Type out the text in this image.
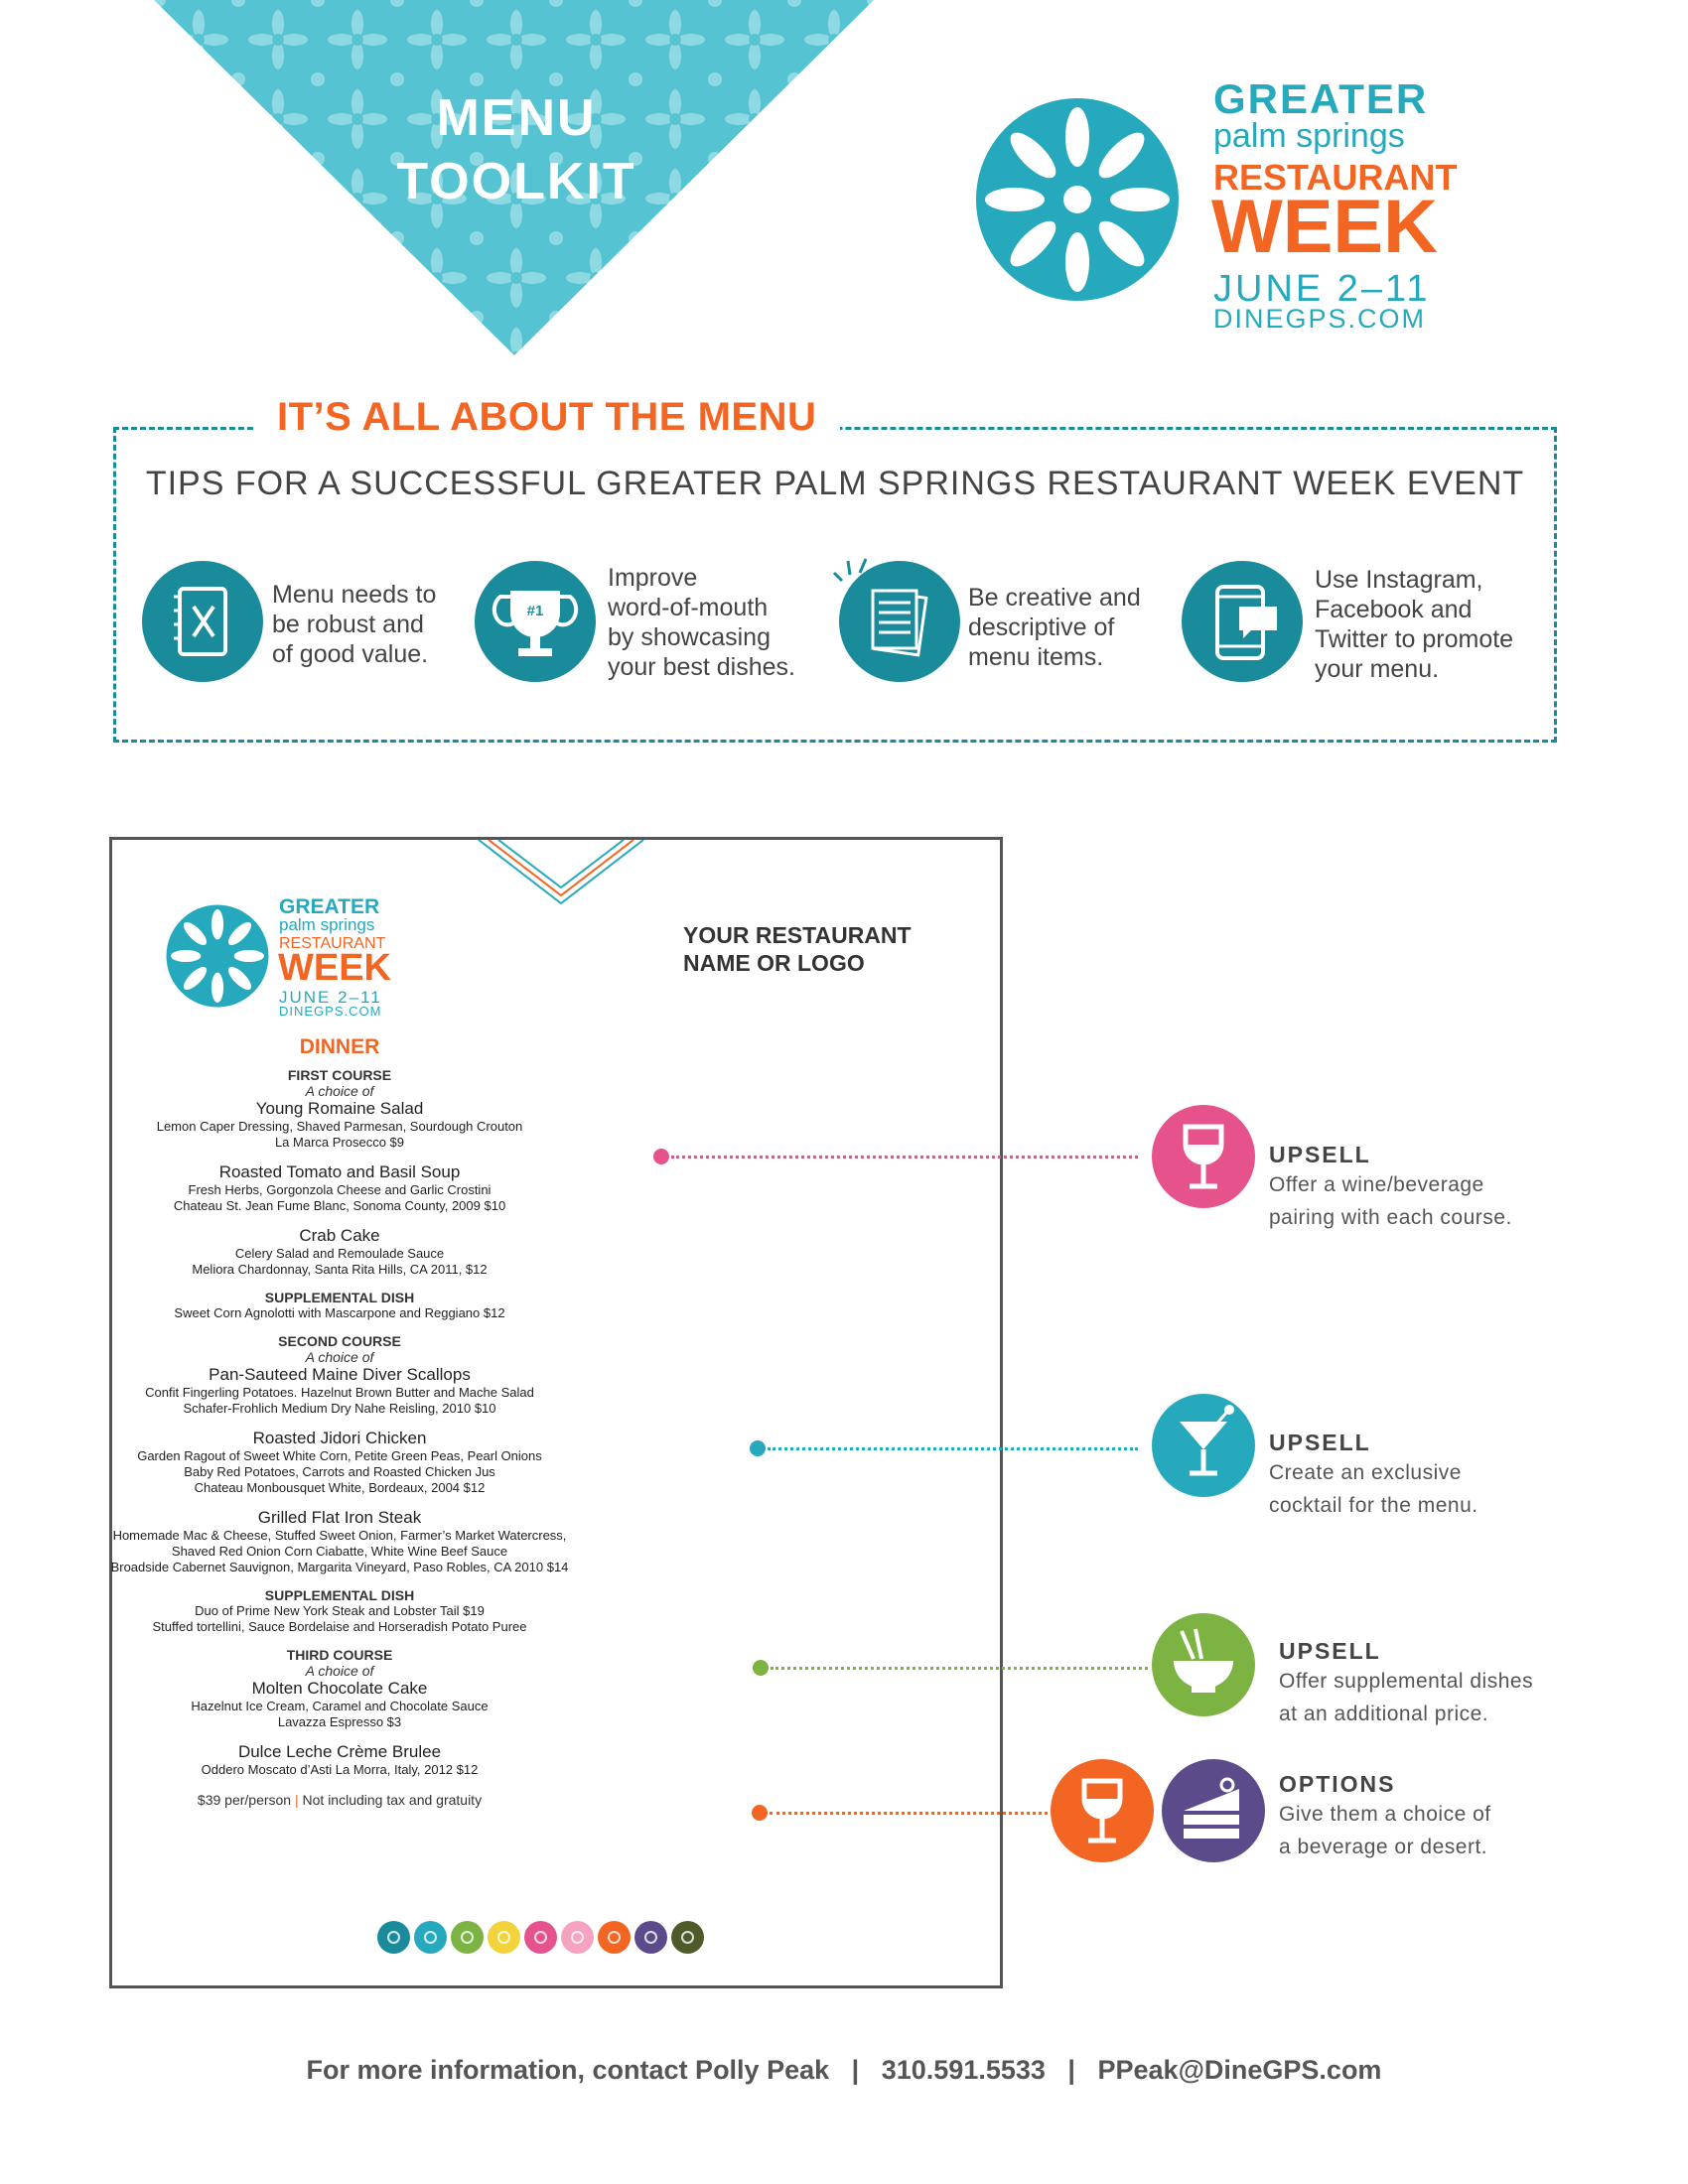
MENU
TOOLKIT
GREATER
palm springs
RESTAURANT
WEEK
JUNE 2–11
DINEGPS.COM
IT’S ALL ABOUT THE MENU
TIPS FOR A SUCCESSFUL GREATER PALM SPRINGS RESTAURANT WEEK EVENT
Menu needs to
be robust and
of good value.
#1
Improve
word-of-mouth
by showcasing
your best dishes.
Be creative and
descriptive of
menu items.
Use Instagram,
Facebook and
Twitter to promote
your menu.
GREATER
palm springs
RESTAURANT
WEEK
JUNE 2–11
DINEGPS.COM
YOUR RESTAURANT
NAME OR LOGO
DINNER
FIRST COURSE
A choice of
Young Romaine Salad
Lemon Caper Dressing, Shaved Parmesan, Sourdough Crouton
La Marca Prosecco $9
Roasted Tomato and Basil Soup
Fresh Herbs, Gorgonzola Cheese and Garlic Crostini
Chateau St. Jean Fume Blanc, Sonoma County, 2009 $10
Crab Cake
Celery Salad and Remoulade Sauce
Meliora Chardonnay, Santa Rita Hills, CA 2011, $12
SUPPLEMENTAL DISH
Sweet Corn Agnolotti with Mascarpone and Reggiano $12
SECOND COURSE
A choice of
Pan-Sauteed Maine Diver Scallops
Confit Fingerling Potatoes. Hazelnut Brown Butter and Mache Salad
Schafer-Frohlich Medium Dry Nahe Reisling, 2010 $10
Roasted Jidori Chicken
Garden Ragout of Sweet White Corn, Petite Green Peas, Pearl Onions
Baby Red Potatoes, Carrots and Roasted Chicken Jus
Chateau Monbousquet White, Bordeaux, 2004 $12
Grilled Flat Iron Steak
Homemade Mac & Cheese, Stuffed Sweet Onion, Farmer’s Market Watercress,
Shaved Red Onion Corn Ciabatte, White Wine Beef Sauce
Broadside Cabernet Sauvignon, Margarita Vineyard, Paso Robles, CA 2010 $14
SUPPLEMENTAL DISH
Duo of Prime New York Steak and Lobster Tail $19
Stuffed tortellini, Sauce Bordelaise and Horseradish Potato Puree
THIRD COURSE
A choice of
Molten Chocolate Cake
Hazelnut Ice Cream, Caramel and Chocolate Sauce
Lavazza Espresso $3
Dulce Leche Crème Brulee
Oddero Moscato d’Asti La Morra, Italy, 2012 $12
$39 per/person | Not including tax and gratuity
UPSELL
Offer a wine/beverage
pairing with each course.
UPSELL
Create an exclusive
cocktail for the menu.
UPSELL
Offer supplemental dishes
at an additional price.
OPTIONS
Give them a choice of
a beverage or desert.
For more information, contact Polly Peak | 310.591.5533 | PPeak@DineGPS.com
